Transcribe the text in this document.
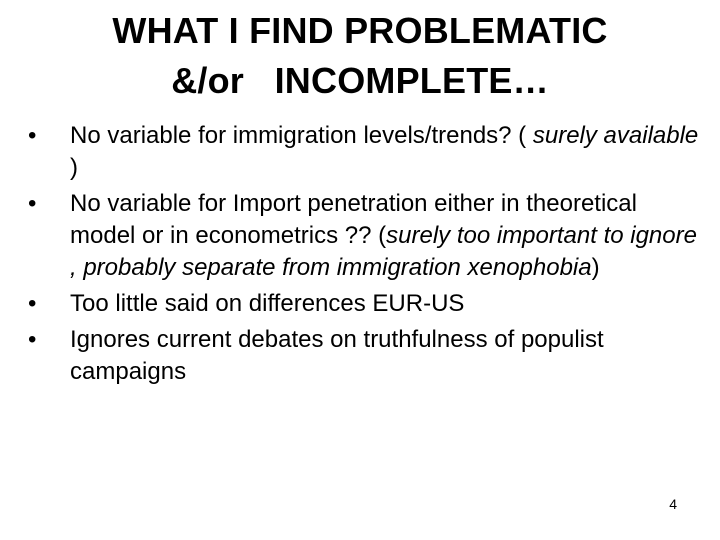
WHAT I FIND PROBLEMATIC
&/or   INCOMPLETE…
•	No variable for immigration levels/trends? ( surely available )
•	No variable for Import penetration either in theoretical model or in econometrics ?? (surely too important to ignore , probably separate from immigration xenophobia)
•	Too little said on differences EUR-US
•	Ignores current debates on truthfulness of populist campaigns
4
